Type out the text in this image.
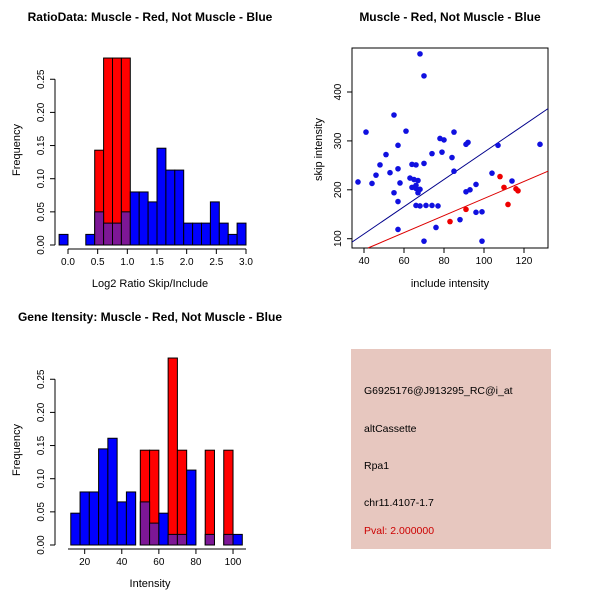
RatioData: Muscle - Red, Not Muscle - Blue
Frequency
0.0 0.5 1.0 1.5 2.0 2.5 3.0
0.00
0.05
0.10
0.15
0.20
0.25
Log2 Ratio Skip/Include
Muscle - Red, Not Muscle - Blue
skip intensity
40	60	80	100 120
100
200
300
400
include intensity
Gene Itensity: Muscle - Red, Not Muscle - Blue
Frequency
20	40	60	80 100
0.00
0.05
0.10
0.15
0.20
0.25
Intensity
G6925176@J913295_RC@i_at
altCassette
Rpa1
chr11.4107-1.7
Pval: 2.000000
